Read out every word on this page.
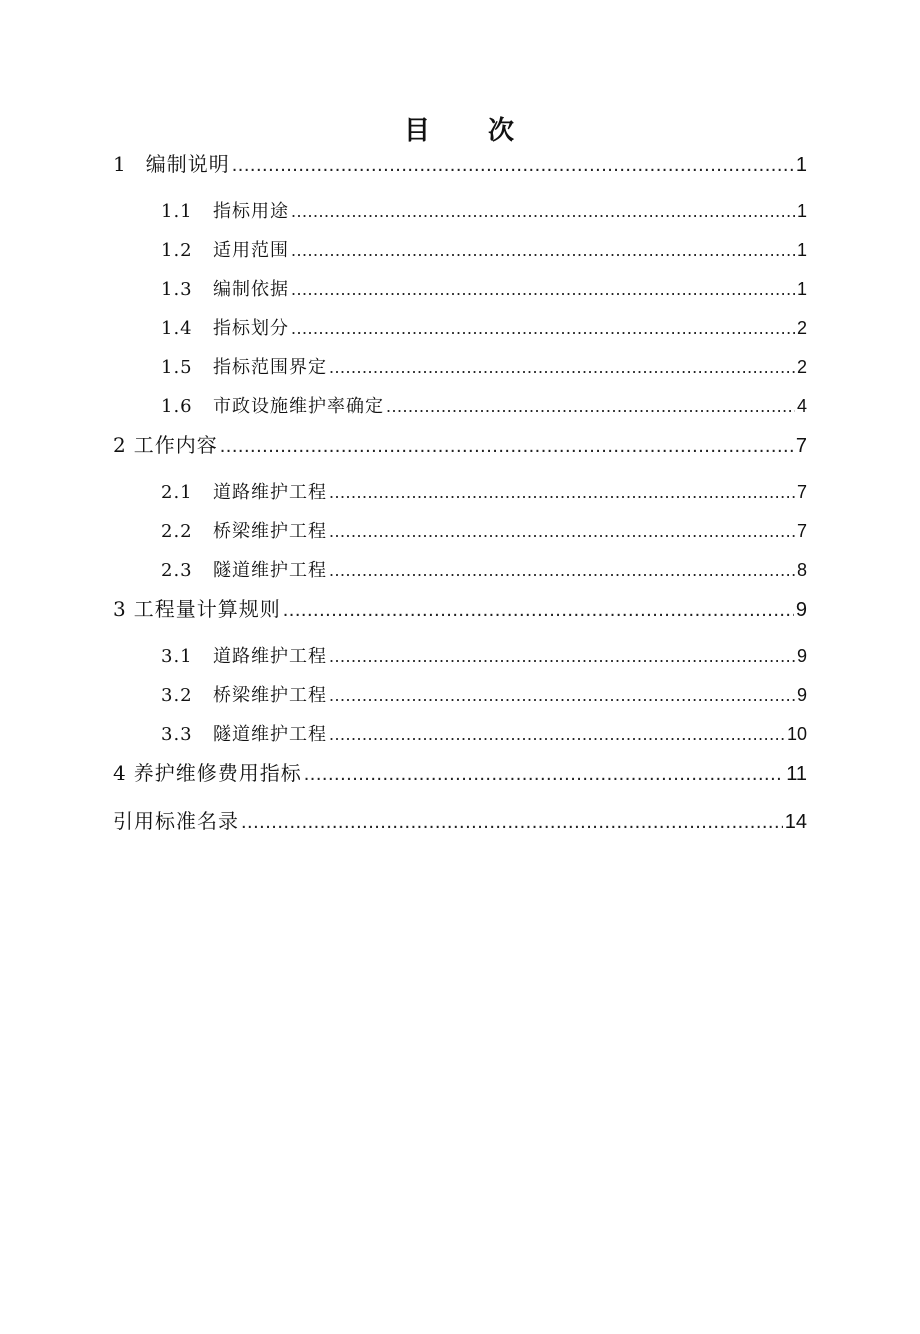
目 次
1 编制说明 .....	1
1.1	指标用途 .....	1
1.2	适用范围 .....	1
1.3	编制依据 .....	1
1.4	指标划分 .....	2
1.5	指标范围界定 .....	2
1.6	市政设施维护率确定 .....	4
2 工作内容 .....	7
2.1	道路维护工程 .....	7
2.2	桥梁维护工程 .....	7
2.3	隧道维护工程 .....	8
3 工程量计算规则 .....	9
3.1	道路维护工程 .....	9
3.2	桥梁维护工程 .....	9
3.3	隧道维护工程 .....	10
4 养护维修费用指标 .....	11
引用标准名录 .....	14
